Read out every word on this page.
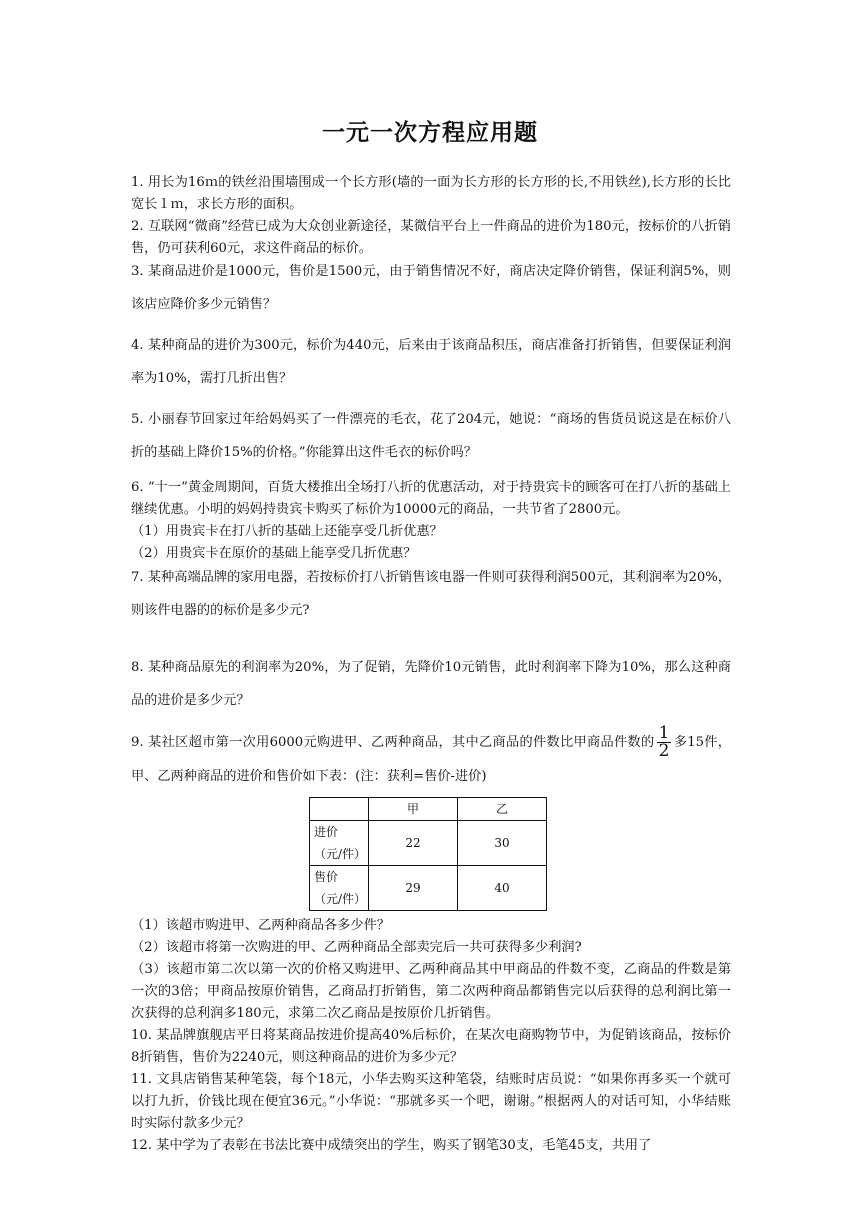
一元一次方程应用题

1. 用长为16ｍ的铁丝沿围墙围成一个长方形(墙的一面为长方形的长方形的长,不用铁丝),长方形的长比宽长１ｍ，求长方形的面积。

2. 互联网“微商”经营已成为大众创业新途径，某微信平台上一件商品的进价为180元，按标价的八折销售，仍可获利60元，求这件商品的标价。

3. 某商品进价是1000元，售价是1500元，由于销售情况不好，商店决定降价销售，保证利润5%，则该店应降价多少元销售？

4. 某种商品的进价为300元，标价为440元，后来由于该商品积压，商店准备打折销售，但要保证利润率为10%，需打几折出售？

5. 小丽春节回家过年给妈妈买了一件漂亮的毛衣，花了204元，她说：“商场的售货员说这是在标价八折的基础上降价15%的价格。”你能算出这件毛衣的标价吗？

6. “十一”黄金周期间，百货大楼推出全场打八折的优惠活动，对于持贵宾卡的顾客可在打八折的基础上继续优惠。小明的妈妈持贵宾卡购买了标价为10000元的商品，一共节省了2800元。

（1）用贵宾卡在打八折的基础上还能享受几折优惠？

（2）用贵宾卡在原价的基础上能享受几折优惠？

7. 某种高端品牌的家用电器，若按标价打八折销售该电器一件则可获得利润500元，其利润率为20%，则该件电器的的标价是多少元?

8. 某种商品原先的利润率为20%，为了促销，先降价10元销售，此时利润率下降为10%，那么这种商品的进价是多少元？

9. 某社区超市第一次用6000元购进甲、乙两种商品，其中乙商品的件数比甲商品件数的 $\frac{1}{2}$ 多15件，甲、乙两种商品的进价和售价如下表：(注：获利=售价-进价)

	甲	乙
进价（元/件）	22	30
售价（元/件）	29	40

（1）该超市购进甲、乙两种商品各多少件？

（2）该超市将第一次购进的甲、乙两种商品全部卖完后一共可获得多少利润?

（3）该超市第二次以第一次的价格又购进甲、乙两种商品其中甲商品的件数不变，乙商品的件数是第一次的3倍；甲商品按原价销售，乙商品打折销售，第二次两种商品都销售完以后获得的总利润比第一次获得的总利润多180元，求第二次乙商品是按原价几折销售。

10. 某品牌旗舰店平日将某商品按进价提高40%后标价，在某次电商购物节中，为促销该商品，按标价8折销售，售价为2240元，则这种商品的进价为多少元？

11. 文具店销售某种笔袋，每个18元，小华去购买这种笔袋，结账时店员说：“如果你再多买一个就可以打九折，价钱比现在便宜36元。”小华说：“那就多买一个吧，谢谢。”根据两人的对话可知，小华结账时实际付款多少元？

12. 某中学为了表彰在书法比赛中成绩突出的学生，购买了钢笔30支，毛笔45支，共用了
